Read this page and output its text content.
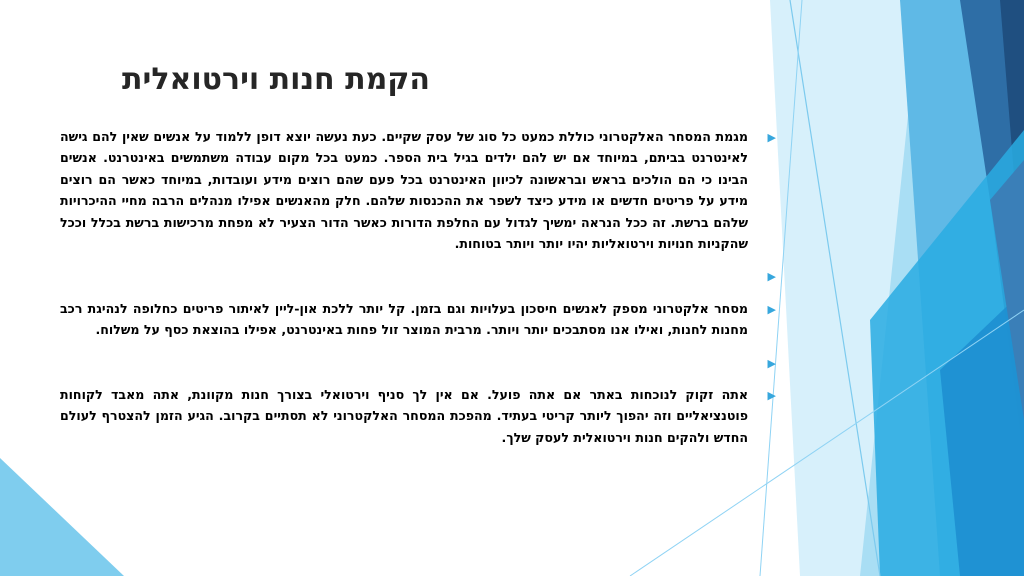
הקמת חנות וירטואלית
▶
מגמת המסחר האלקטרוני כוללת כמעט כל סוג של עסק שקיים. כעת נעשה יוצא דופן ללמוד על אנשים שאין להם גישה לאינטרנט בביתם, במיוחד אם יש להם ילדים בגיל בית הספר. כמעט בכל מקום עבודה משתמשים באינטרנט. אנשים הבינו כי הם הולכים בראש ובראשונה לכיוון האינטרנט בכל פעם שהם רוצים מידע ועובדות, במיוחד כאשר הם רוצים מידע על פריטים חדשים או מידע כיצד לשפר את ההכנסות שלהם. חלק מהאנשים אפילו מנהלים הרבה מחיי ההיכרויות שלהם ברשת. זה ככל הנראה ימשיך לגדול עם החלפת הדורות כאשר הדור הצעיר לא מפחת מרכישות ברשת בכלל וככל שהקניות חנויות וירטואליות יהיו יותר ויותר בטוחות.
▶
▶
מסחר אלקטרוני מספק לאנשים חיסכון בעלויות וגם בזמן. קל יותר ללכת און-ליין לאיתור פריטים כחלופה לנהיגת רכב מחנות לחנות, ואילו אנו מסתבכים יותר ויותר. מרבית המוצר זול פחות באינטרנט, אפילו בהוצאת כסף על משלוח.
▶
▶
אתה זקוק לנוכחות באתר אם אתה פועל. אם אין לך סניף וירטואלי בצורך חנות מקוונת, אתה מאבד לקוחות פוטנציאליים וזה יהפוך ליותר קריטי בעתיד. מהפכת המסחר האלקטרוני לא תסתיים בקרוב. הגיע הזמן להצטרף לעולם החדש ולהקים חנות וירטואלית לעסק שלך.
